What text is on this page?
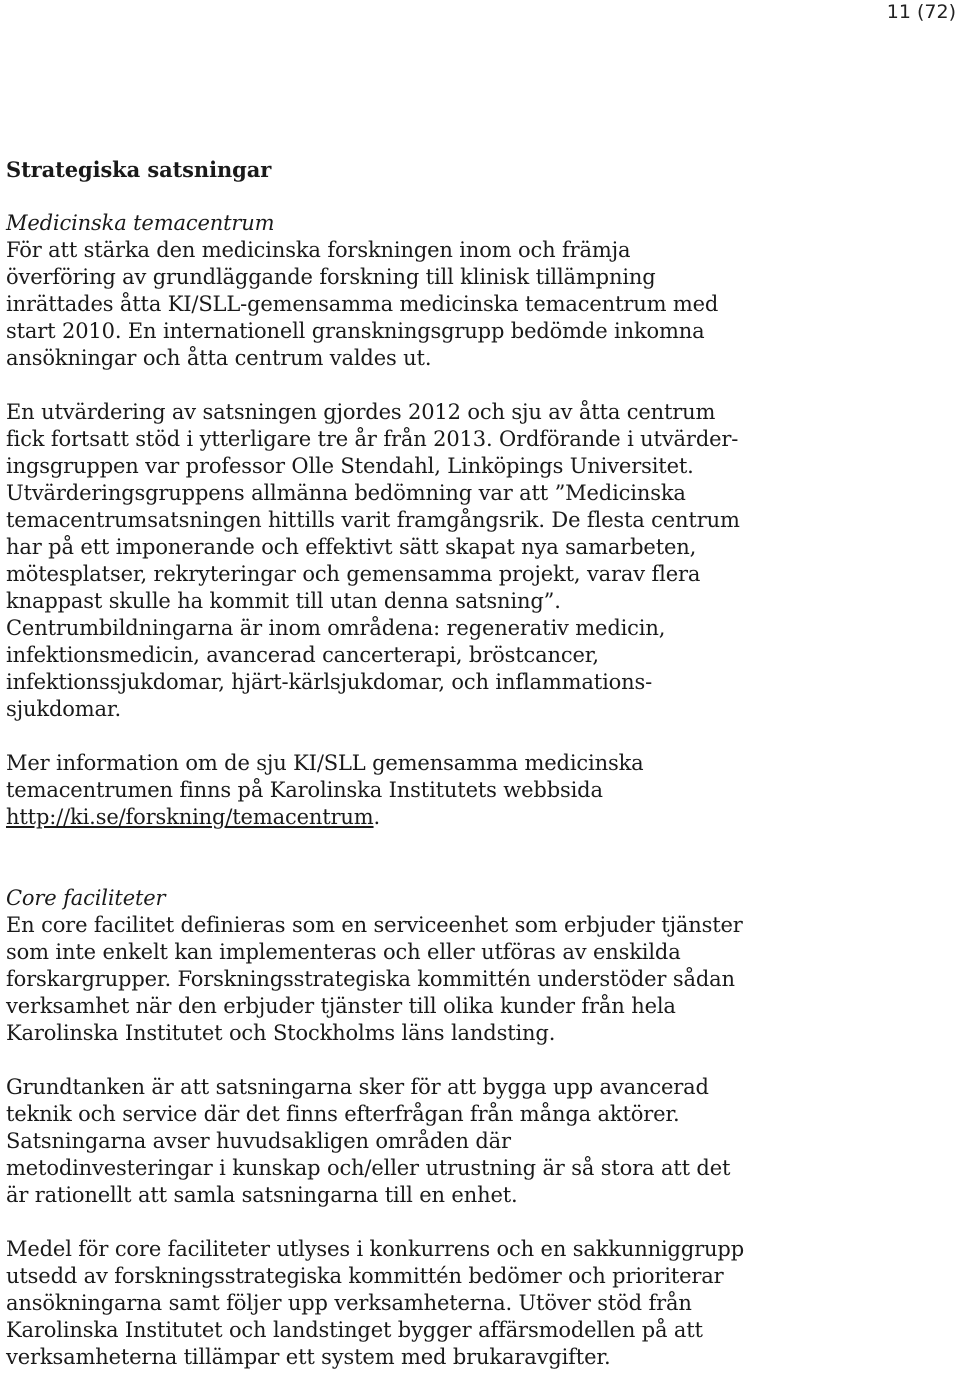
11 (72)
Strategiska satsningar

Medicinska temacentrum

För att stärka den medicinska forskningen inom och främja

överföring av grundläggande forskning till klinisk tillämpning

inrättades åtta KI/SLL-gemensamma medicinska temacentrum med

start 2010. En internationell granskningsgrupp bedömde inkomna

ansökningar och åtta centrum valdes ut.

En utvärdering av satsningen gjordes 2012 och sju av åtta centrum

fick fortsatt stöd i ytterligare tre år från 2013. Ordförande i utvärder-

ingsgruppen var professor Olle Stendahl, Linköpings Universitet.

Utvärderingsgruppens allmänna bedömning var att ”Medicinska

temacentrumsatsningen hittills varit framgångsrik. De flesta centrum

har på ett imponerande och effektivt sätt skapat nya samarbeten,

mötesplatser, rekryteringar och gemensamma projekt, varav flera

knappast skulle ha kommit till utan denna satsning”.

Centrumbildningarna är inom områdena: regenerativ medicin,

infektionsmedicin, avancerad cancerterapi, bröstcancer,

infektionssjukdomar, hjärt-kärlsjukdomar, och inflammations-

sjukdomar.

Mer information om de sju KI/SLL gemensamma medicinska

temacentrumen finns på Karolinska Institutets webbsida

http://ki.se/forskning/temacentrum.

Core faciliteter

En core facilitet definieras som en serviceenhet som erbjuder tjänster

som inte enkelt kan implementeras och eller utföras av enskilda

forskargrupper. Forskningsstrategiska kommittén understöder sådan

verksamhet när den erbjuder tjänster till olika kunder från hela

Karolinska Institutet och Stockholms läns landsting.

Grundtanken är att satsningarna sker för att bygga upp avancerad

teknik och service där det finns efterfrågan från många aktörer.

Satsningarna avser huvudsakligen områden där

metodinvesteringar i kunskap och/eller utrustning är så stora att det

är rationellt att samla satsningarna till en enhet.

Medel för core faciliteter utlyses i konkurrens och en sakkunniggrupp

utsedd av forskningsstrategiska kommittén bedömer och prioriterar

ansökningarna samt följer upp verksamheterna. Utöver stöd från

Karolinska Institutet och landstinget bygger affärsmodellen på att

verksamheterna tillämpar ett system med brukaravgifter.
